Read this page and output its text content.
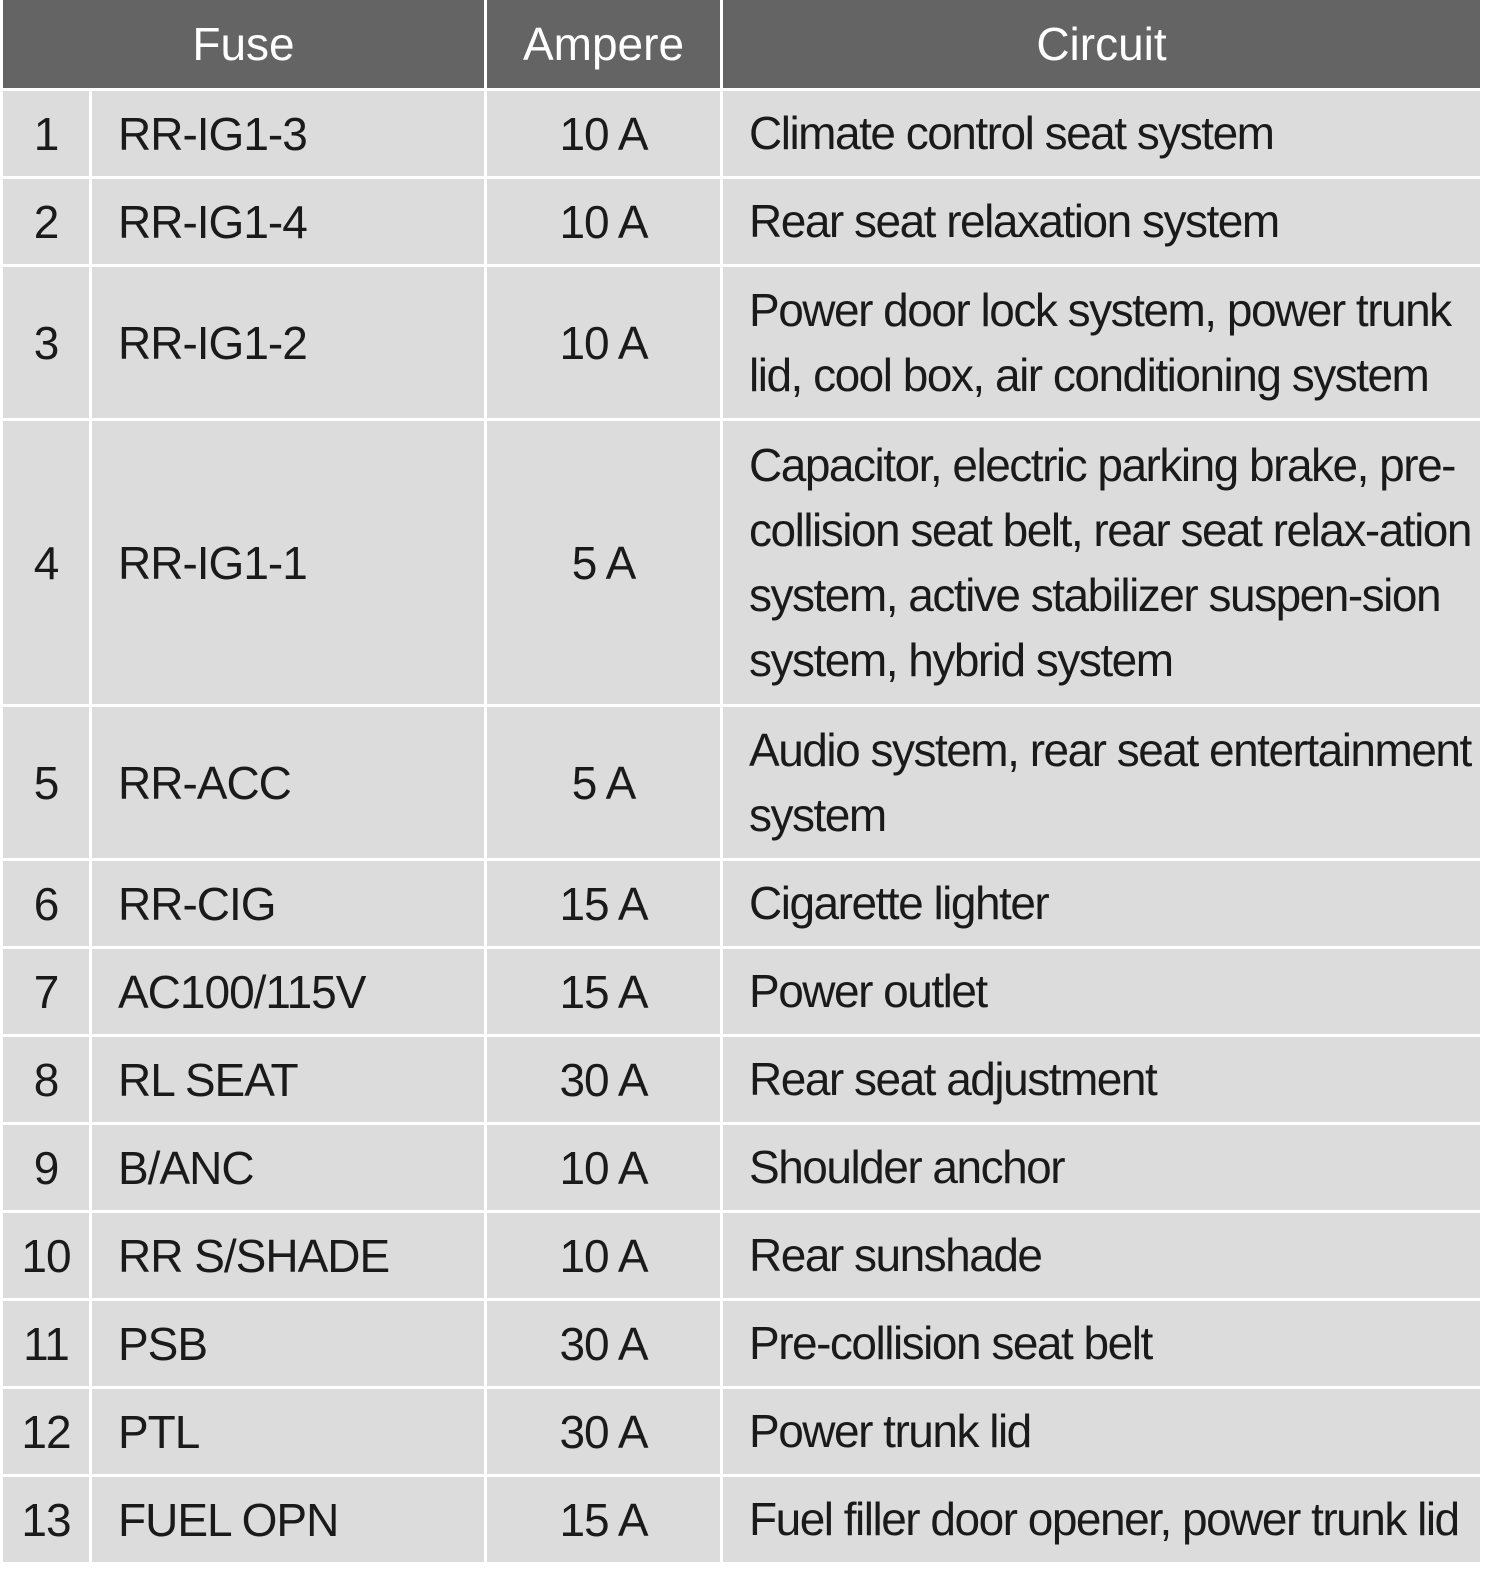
Fuse		Ampere	Circuit
1	RR-IG1-3	10 A	Climate control seat system
2	RR-IG1-4	10 A	Rear seat relaxation system
3	RR-IG1-2	10 A	Power door lock system, power trunk lid, cool box, air conditioning system
4	RR-IG1-1	5 A	Capacitor, electric parking brake, pre-collision seat belt, rear seat relax-ation system, active stabilizer suspen-sion system, hybrid system
5	RR-ACC	5 A	Audio system, rear seat entertainment system
6	RR-CIG	15 A	Cigarette lighter
7	AC100/115V	15 A	Power outlet
8	RL SEAT	30 A	Rear seat adjustment
9	B/ANC	10 A	Shoulder anchor
10	RR S/SHADE	10 A	Rear sunshade
11	PSB	30 A	Pre-collision seat belt
12	PTL	30 A	Power trunk lid
13	FUEL OPN	15 A	Fuel filler door opener, power trunk lid
